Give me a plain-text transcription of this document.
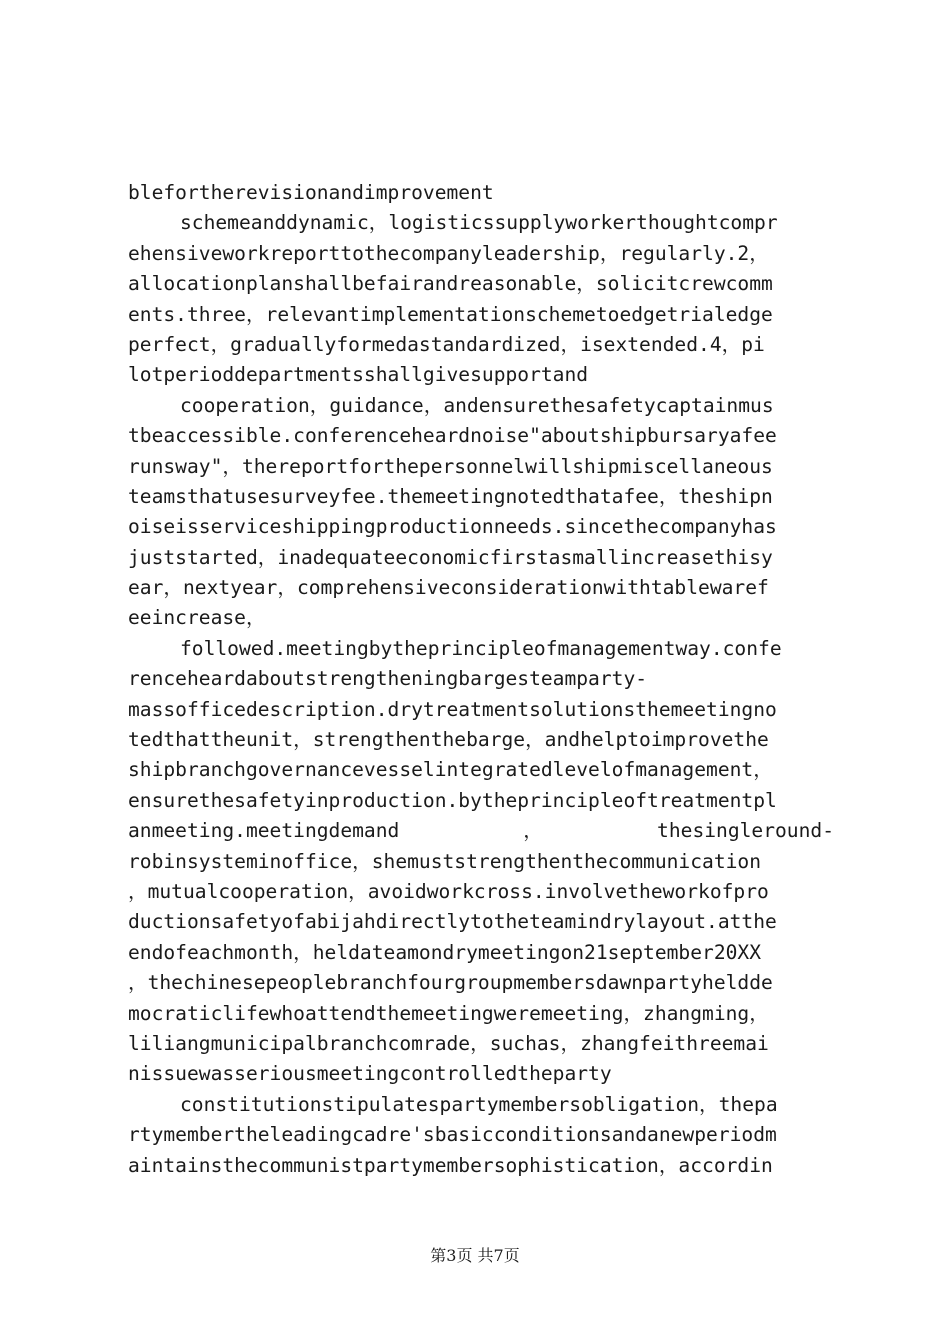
blefortherevisionandimprovement
schemeanddynamic，logisticssupplyworkerthoughtcompr
ehensiveworkreporttothecompanyleadership，regularly.2，
allocationplanshallbefairandreasonable，solicitcrewcomm
ents.three，relevantimplementationschemetoedgetrialedge
perfect，graduallyformedastandardized，isextended.4，pi
lotperioddepartmentsshallgivesupportand
cooperation，guidance，andensurethesafetycaptainmus
tbeaccessible.conferenceheardnoise"aboutshipbursaryafee
runsway"，thereportforthepersonnelwillshipmiscellaneous
teamsthatusesurveyfee.themeetingnotedthatafee，theshipn
oiseisserviceshippingproductionneeds.sincethecompanyhas
juststarted，inadequateeconomicfirstasmallincreasethisy
ear，nextyear，comprehensiveconsiderationwithtablewaref
eeincrease，
followed.meetingbytheprincipleofmanagementway.confe
renceheardaboutstrengtheningbargesteamparty-
massofficedescription.drytreatmentsolutionsthemeetingno
tedthattheunit，strengthenthebarge，andhelptoimprovethe
shipbranchgovernancevesselintegratedlevelofmanagement，
ensurethesafetyinproduction.bytheprincipleoftreatmentpl
anmeeting.meetingdemand　，　thesingleround-
robinsysteminoffice，shemuststrengthenthecommunication
，mutualcooperation，avoidworkcross.involvetheworkofpro
ductionsafetyofabijahdirectlytotheteamindrylayout.atthe
endofeachmonth，heldateamondrymeetingon21september20XX
，thechinesepeoplebranchfourgroupmembersdawnpartyheldde
mocraticlifewhoattendthemeetingweremeeting，zhangming，
liliangmunicipalbranchcomrade，suchas，zhangfeithreemai
nissuewasseriousmeetingcontrolledtheparty
constitutionstipulatespartymembersobligation，thepa
rtymembertheleadingcadre'sbasicconditionsandanewperiodm
aintainsthecommunistpartymembersophistication，accordin
第3页 共7页
